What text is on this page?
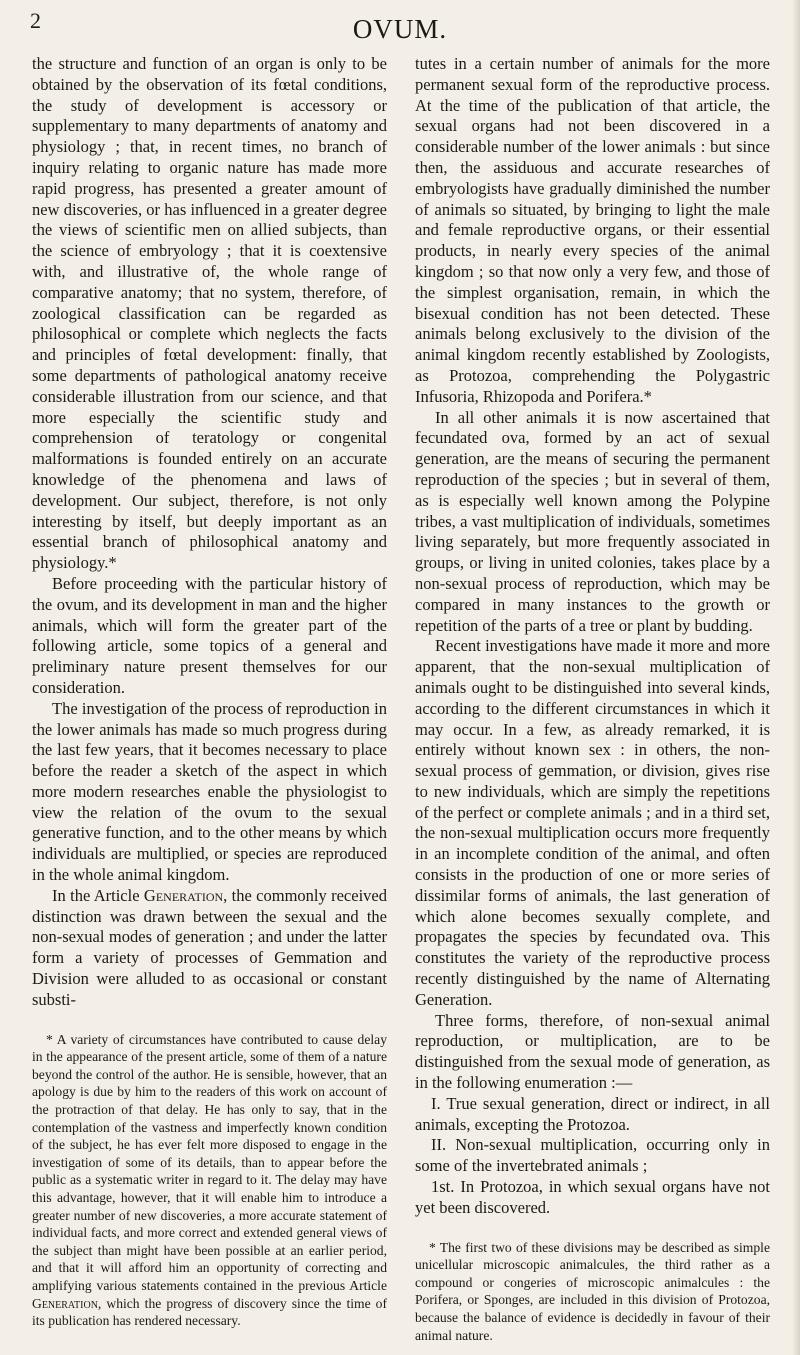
2	OVUM.

the structure and function of an organ is only to be obtained by the observation of its fœtal conditions, the study of development is accessory or supplementary to many departments of anatomy and physiology ; that, in recent times, no branch of inquiry relating to organic nature has made more rapid progress, has presented a greater amount of new discoveries, or has influenced in a greater degree the views of scientific men on allied subjects, than the science of embryology ; that it is coextensive with, and illustrative of, the whole range of comparative anatomy; that no system, therefore, of zoological classification can be regarded as philosophical or complete which neglects the facts and principles of fœtal development: finally, that some departments of pathological anatomy receive considerable illustration from our science, and that more especially the scientific study and comprehension of teratology or congenital malformations is founded entirely on an accurate knowledge of the phenomena and laws of development. Our subject, therefore, is not only interesting by itself, but deeply important as an essential branch of philosophical anatomy and physiology.*

Before proceeding with the particular history of the ovum, and its development in man and the higher animals, which will form the greater part of the following article, some topics of a general and preliminary nature present themselves for our consideration.

The investigation of the process of reproduction in the lower animals has made so much progress during the last few years, that it becomes necessary to place before the reader a sketch of the aspect in which more modern researches enable the physiologist to view the relation of the ovum to the sexual generative function, and to the other means by which individuals are multiplied, or species are reproduced in the whole animal kingdom.

In the Article Generation, the commonly received distinction was drawn between the sexual and the non-sexual modes of generation ; and under the latter form a variety of processes of Gemmation and Division were alluded to as occasional or constant substi-

* A variety of circumstances have contributed to cause delay in the appearance of the present article, some of them of a nature beyond the control of the author. He is sensible, however, that an apology is due by him to the readers of this work on account of the protraction of that delay. He has only to say, that in the contemplation of the vastness and imperfectly known condition of the subject, he has ever felt more disposed to engage in the investigation of some of its details, than to appear before the public as a systematic writer in regard to it. The delay may have this advantage, however, that it will enable him to introduce a greater number of new discoveries, a more accurate statement of individual facts, and more correct and extended general views of the subject than might have been possible at an earlier period, and that it will afford him an opportunity of correcting and amplifying various statements contained in the previous Article Generation, which the progress of discovery since the time of its publication has rendered necessary.

tutes in a certain number of animals for the more permanent sexual form of the reproductive process. At the time of the publication of that article, the sexual organs had not been discovered in a considerable number of the lower animals : but since then, the assiduous and accurate researches of embryologists have gradually diminished the number of animals so situated, by bringing to light the male and female reproductive organs, or their essential products, in nearly every species of the animal kingdom ; so that now only a very few, and those of the simplest organisation, remain, in which the bisexual condition has not been detected. These animals belong exclusively to the division of the animal kingdom recently established by Zoologists, as Protozoa, comprehending the Polygastric Infusoria, Rhizopoda and Porifera.*

In all other animals it is now ascertained that fecundated ova, formed by an act of sexual generation, are the means of securing the permanent reproduction of the species ; but in several of them, as is especially well known among the Polypine tribes, a vast multiplication of individuals, sometimes living separately, but more frequently associated in groups, or living in united colonies, takes place by a non-sexual process of reproduction, which may be compared in many instances to the growth or repetition of the parts of a tree or plant by budding.

Recent investigations have made it more and more apparent, that the non-sexual multiplication of animals ought to be distinguished into several kinds, according to the different circumstances in which it may occur. In a few, as already remarked, it is entirely without known sex : in others, the non-sexual process of gemmation, or division, gives rise to new individuals, which are simply the repetitions of the perfect or complete animals ; and in a third set, the non-sexual multiplication occurs more frequently in an incomplete condition of the animal, and often consists in the production of one or more series of dissimilar forms of animals, the last generation of which alone becomes sexually complete, and propagates the species by fecundated ova. This constitutes the variety of the reproductive process recently distinguished by the name of Alternating Generation.

Three forms, therefore, of non-sexual animal reproduction, or multiplication, are to be distinguished from the sexual mode of generation, as in the following enumeration :—

I. True sexual generation, direct or indirect, in all animals, excepting the Protozoa.

II. Non-sexual multiplication, occurring only in some of the invertebrated animals ;

1st. In Protozoa, in which sexual organs have not yet been discovered.

* The first two of these divisions may be described as simple unicellular microscopic animalcules, the third rather as a compound or congeries of microscopic animalcules : the Porifera, or Sponges, are included in this division of Protozoa, because the balance of evidence is decidedly in favour of their animal nature.
